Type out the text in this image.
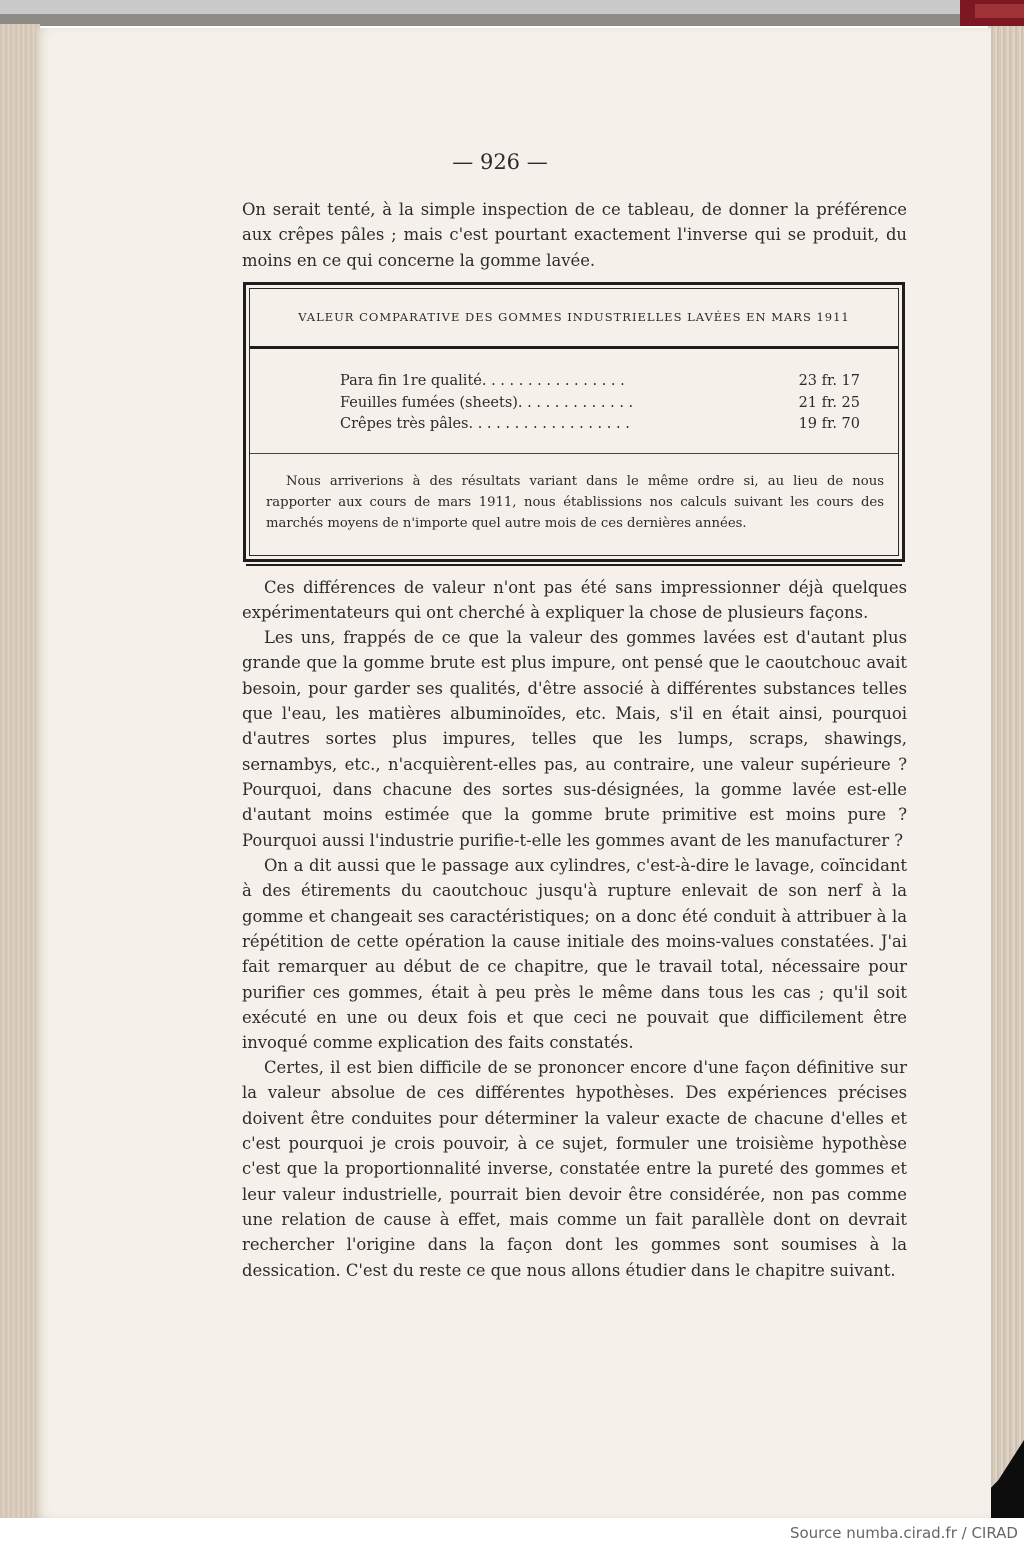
— 926 —

On serait tenté, à la simple inspection de ce tableau, de donner la préférence aux crêpes pâles ; mais c'est pourtant exactement l'inverse qui se produit, du moins en ce qui concerne la gomme lavée.

VALEUR COMPARATIVE DES GOMMES INDUSTRIELLES LAVÉES EN MARS 1911
Para fin 1re qualité. . . . . . . . . . . . . . . .	23 fr. 17
Feuilles fumées (sheets). . . . . . . . . . . . .	21 fr. 25
Crêpes très pâles. . . . . . . . . . . . . . . . . .	19 fr. 70

Nous arriverions à des résultats variant dans le même ordre si, au lieu de nous rapporter aux cours de mars 1911, nous établissions nos calculs suivant les cours des marchés moyens de n'importe quel autre mois de ces dernières années.

Ces différences de valeur n'ont pas été sans impressionner déjà quelques expérimentateurs qui ont cherché à expliquer la chose de plusieurs façons.

Les uns, frappés de ce que la valeur des gommes lavées est d'autant plus grande que la gomme brute est plus impure, ont pensé que le caoutchouc avait besoin, pour garder ses qualités, d'être associé à différentes substances telles que l'eau, les matières albuminoïdes, etc. Mais, s'il en était ainsi, pourquoi d'autres sortes plus impures, telles que les lumps, scraps, shawings, sernambys, etc., n'acquièrent-elles pas, au contraire, une valeur supérieure ? Pourquoi, dans chacune des sortes sus-désignées, la gomme lavée est-elle d'autant moins estimée que la gomme brute primitive est moins pure ? Pourquoi aussi l'industrie purifie-t-elle les gommes avant de les manufacturer ?

On a dit aussi que le passage aux cylindres, c'est-à-dire le lavage, coïncidant à des étirements du caoutchouc jusqu'à rupture enlevait de son nerf à la gomme et changeait ses caractéristiques; on a donc été conduit à attribuer à la répétition de cette opération la cause initiale des moins-values constatées. J'ai fait remarquer au début de ce chapitre, que le travail total, nécessaire pour purifier ces gommes, était à peu près le même dans tous les cas ; qu'il soit exécuté en une ou deux fois et que ceci ne pouvait que difficilement être invoqué comme explication des faits constatés.

Certes, il est bien difficile de se prononcer encore d'une façon définitive sur la valeur absolue de ces différentes hypothèses. Des expériences précises doivent être conduites pour déterminer la valeur exacte de chacune d'elles et c'est pourquoi je crois pouvoir, à ce sujet, formuler une troisième hypothèse c'est que la proportionnalité inverse, constatée entre la pureté des gommes et leur valeur industrielle, pourrait bien devoir être considérée, non pas comme une relation de cause à effet, mais comme un fait parallèle dont on devrait rechercher l'origine dans la façon dont les gommes sont soumises à la dessication. C'est du reste ce que nous allons étudier dans le chapitre suivant.

Source numba.cirad.fr / CIRAD
